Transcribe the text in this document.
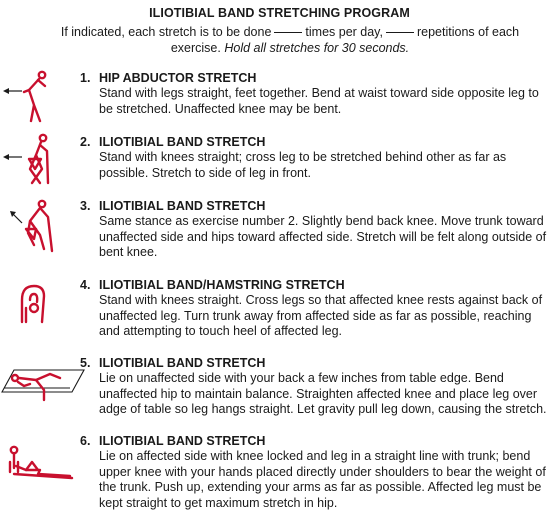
ILIOTIBIAL BAND STRETCHING PROGRAM
If indicated, each stretch is to be done	times per day,	repetitions of each exercise. Hold all stretches for 30 seconds.
1. HIP ABDUCTOR STRETCH
Stand with legs straight, feet together. Bend at waist toward side opposite leg to be stretched. Unaffected knee may be bent.
2. ILIOTIBIAL BAND STRETCH
Stand with knees straight; cross leg to be stretched behind other as far as possible. Stretch to side of leg in front.
3. ILIOTIBIAL BAND STRETCH
Same stance as exercise number 2. Slightly bend back knee. Move trunk toward unaffected side and hips toward affected side. Stretch will be felt along outside of bent knee.
4. ILIOTIBIAL BAND/HAMSTRING STRETCH
Stand with knees straight. Cross legs so that affected knee rests against back of unaffected leg. Turn trunk away from affected side as far as possible, reaching and attempting to touch heel of affected leg.
5. ILIOTIBIAL BAND STRETCH
Lie on unaffected side with your back a few inches from table edge. Bend unaffected hip to maintain balance. Straighten affected knee and place leg over adge of table so leg hangs straight. Let gravity pull leg down, causing the stretch.
6. ILIOTIBIAL BAND STRETCH
Lie on affected side with knee locked and leg in a straight line with trunk; bend upper knee with your hands placed directly under shoulders to bear the weight of the trunk. Push up, extending your arms as far as possible. Affected leg must be kept straight to get maximum stretch in hip.
